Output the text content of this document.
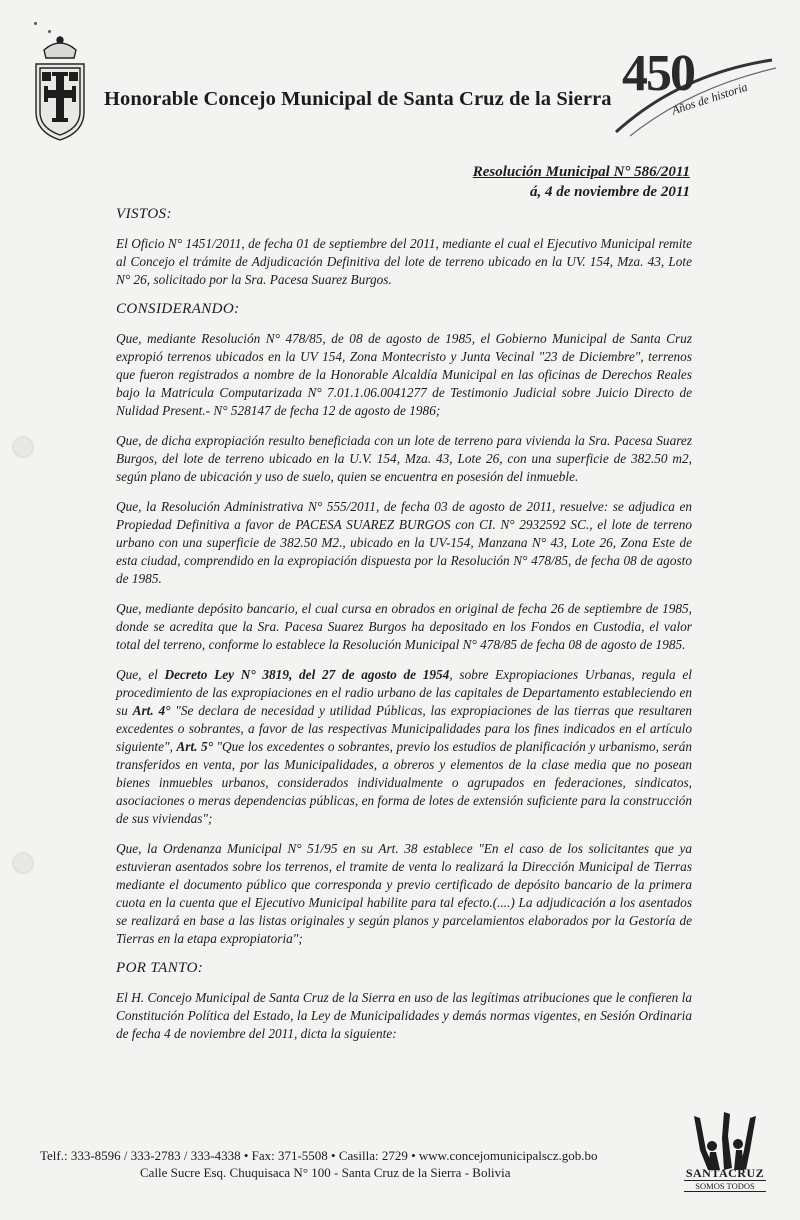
Honorable Concejo Municipal de Santa Cruz de la Sierra 450
Años de historia
Resolución Municipal N° 586/2011
á, 4 de noviembre de 2011
VISTOS:

El Oficio N° 1451/2011, de fecha 01 de septiembre del 2011, mediante el cual el Ejecutivo Municipal remite al Concejo el trámite de Adjudicación Definitiva del lote de terreno ubicado en la UV. 154, Mza. 43, Lote N° 26, solicitado por la Sra. Pacesa Suarez Burgos.

CONSIDERANDO:

Que, mediante Resolución N° 478/85, de 08 de agosto de 1985, el Gobierno Municipal de Santa Cruz expropió terrenos ubicados en la UV 154, Zona Montecristo y Junta Vecinal "23 de Diciembre", terrenos que fueron registrados a nombre de la Honorable Alcaldía Municipal en las oficinas de Derechos Reales bajo la Matricula Computarizada N° 7.01.1.06.0041277 de Testimonio Judicial sobre Juicio Directo de Nulidad Present.- N° 528147 de fecha 12 de agosto de 1986;

Que, de dicha expropiación resulto beneficiada con un lote de terreno para vivienda la Sra. Pacesa Suarez Burgos, del lote de terreno ubicado en la U.V. 154, Mza. 43, Lote 26, con una superficie de 382.50 m2, según plano de ubicación y uso de suelo, quien se encuentra en posesión del inmueble.

Que, la Resolución Administrativa N° 555/2011, de fecha 03 de agosto de 2011, resuelve: se adjudica en Propiedad Definitiva a favor de PACESA SUAREZ BURGOS con CI. N° 2932592 SC., el lote de terreno urbano con una superficie de 382.50 M2., ubicado en la UV-154, Manzana N° 43, Lote 26, Zona Este de esta ciudad, comprendido en la expropiación dispuesta por la Resolución N° 478/85, de fecha 08 de agosto de 1985.

Que, mediante depósito bancario, el cual cursa en obrados en original de fecha 26 de septiembre de 1985, donde se acredita que la Sra. Pacesa Suarez Burgos ha depositado en los Fondos en Custodia, el valor total del terreno, conforme lo establece la Resolución Municipal N° 478/85 de fecha 08 de agosto de 1985.

Que, el Decreto Ley N° 3819, del 27 de agosto de 1954, sobre Expropiaciones Urbanas, regula el procedimiento de las expropiaciones en el radio urbano de las capitales de Departamento estableciendo en su Art. 4° "Se declara de necesidad y utilidad Públicas, las expropiaciones de las tierras que resultaren excedentes o sobrantes, a favor de las respectivas Municipalidades para los fines indicados en el artículo siguiente", Art. 5° "Que los excedentes o sobrantes, previo los estudios de planificación y urbanismo, serán transferidos en venta, por las Municipalidades, a obreros y elementos de la clase media que no posean bienes inmuebles urbanos, considerados individualmente o agrupados en federaciones, sindicatos, asociaciones o meras dependencias públicas, en forma de lotes de extensión suficiente para la construcción de sus viviendas";

Que, la Ordenanza Municipal N° 51/95 en su Art. 38 establece "En el caso de los solicitantes que ya estuvieran asentados sobre los terrenos, el tramite de venta lo realizará la Dirección Municipal de Tierras mediante el documento público que corresponda y previo certificado de depósito bancario de la primera cuota en la cuenta que el Ejecutivo Municipal habilite para tal efecto.(....) La adjudicación a los asentados se realizará en base a las listas originales y según planos y parcelamientos elaborados por la Gestoría de Tierras en la etapa expropiatoria";

POR TANTO:

El H. Concejo Municipal de Santa Cruz de la Sierra en uso de las legítimas atribuciones que le confieren la Constitución Política del Estado, la Ley de Municipalidades y demás normas vigentes, en Sesión Ordinaria de fecha 4 de noviembre del 2011, dicta la siguiente:

Telf.: 333-8596 / 333-2783 / 333-4338 • Fax: 371-5508 • Casilla: 2729 • www.concejomunicipalscz.gob.bo
Calle Sucre Esq. Chuquisaca N° 100 - Santa Cruz de la Sierra - Bolivia	SANTACRUZ
SOMOS TODOS
